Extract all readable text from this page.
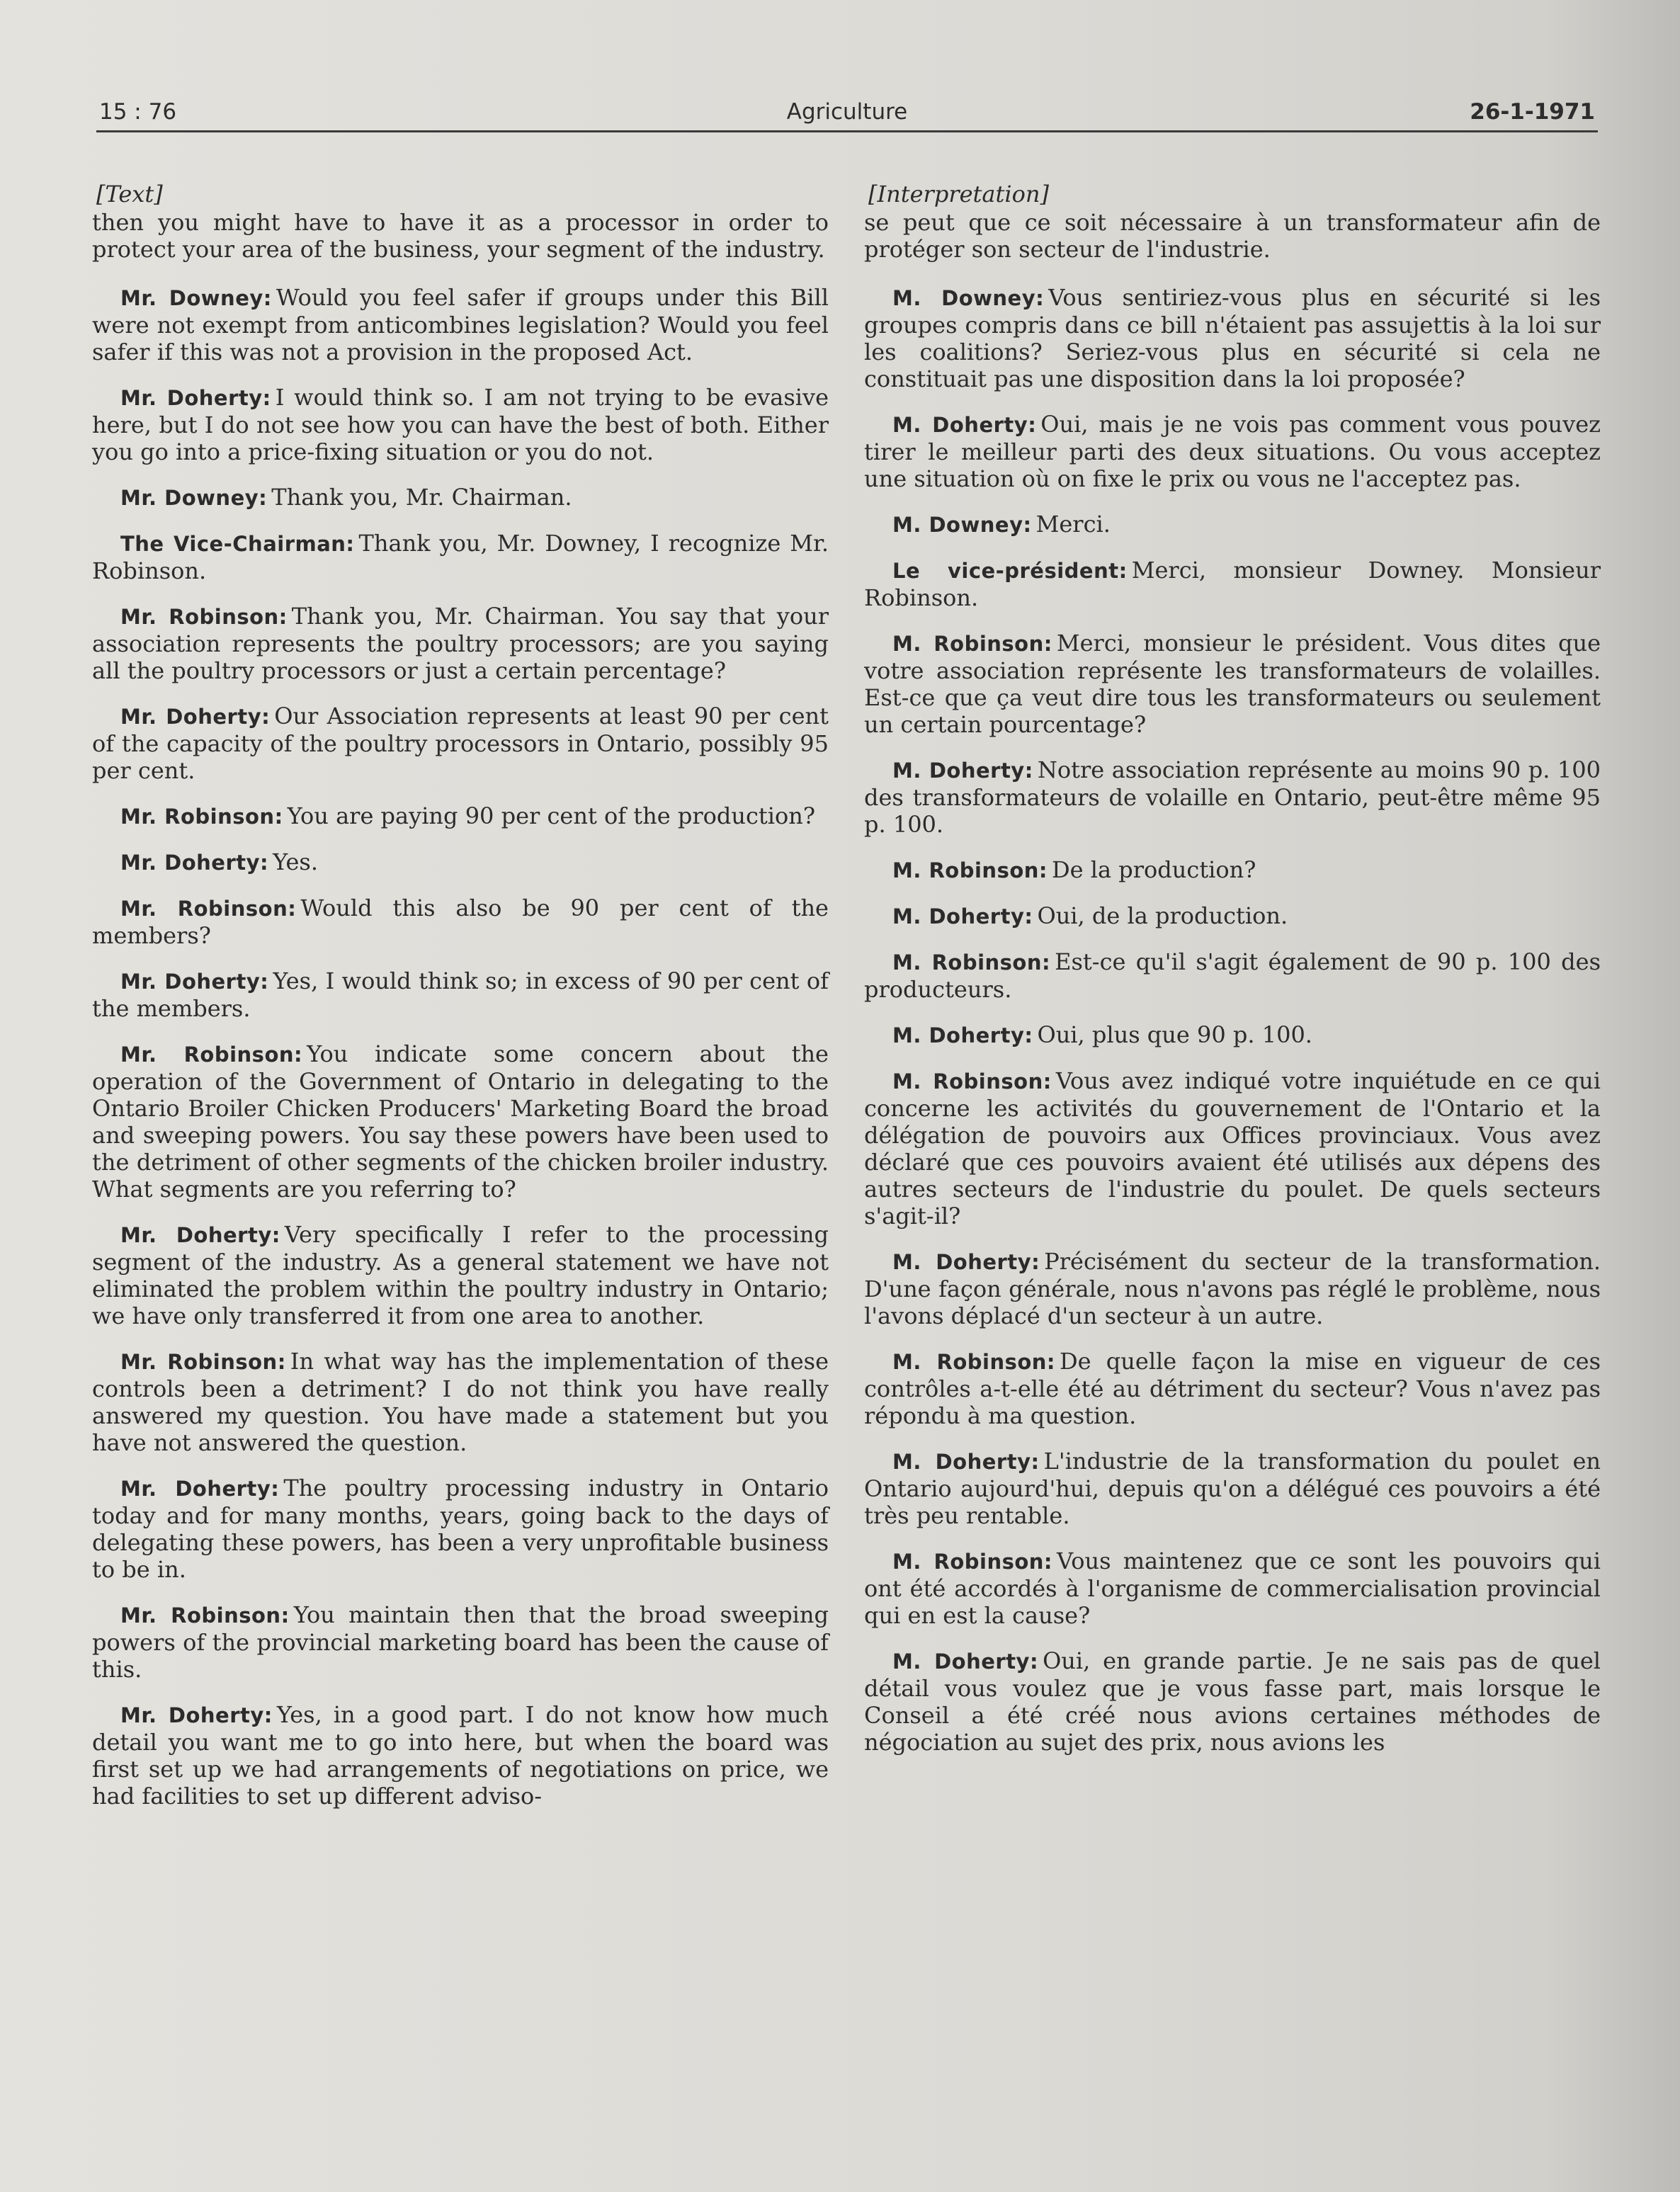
15 : 76	Agriculture	26-1-1971
[Text]

then you might have to have it as a processor in order to protect your area of the business, your segment of the industry.

Mr. Downey: Would you feel safer if groups under this Bill were not exempt from anticombines legislation? Would you feel safer if this was not a provision in the proposed Act.

Mr. Doherty: I would think so. I am not trying to be evasive here, but I do not see how you can have the best of both. Either you go into a price-fixing situation or you do not.

Mr. Downey: Thank you, Mr. Chairman.

The Vice-Chairman: Thank you, Mr. Downey, I recognize Mr. Robinson.

Mr. Robinson: Thank you, Mr. Chairman. You say that your association represents the poultry processors; are you saying all the poultry processors or just a certain percentage?

Mr. Doherty: Our Association represents at least 90 per cent of the capacity of the poultry processors in Ontario, possibly 95 per cent.

Mr. Robinson: You are paying 90 per cent of the production?

Mr. Doherty: Yes.

Mr. Robinson: Would this also be 90 per cent of the members?

Mr. Doherty: Yes, I would think so; in excess of 90 per cent of the members.

Mr. Robinson: You indicate some concern about the operation of the Government of Ontario in delegating to the Ontario Broiler Chicken Producers' Marketing Board the broad and sweeping powers. You say these powers have been used to the detriment of other segments of the chicken broiler industry. What segments are you referring to?

Mr. Doherty: Very specifically I refer to the processing segment of the industry. As a general statement we have not eliminated the problem within the poultry industry in Ontario; we have only transferred it from one area to another.

Mr. Robinson: In what way has the implementation of these controls been a detriment? I do not think you have really answered my question. You have made a statement but you have not answered the question.

Mr. Doherty: The poultry processing industry in Ontario today and for many months, years, going back to the days of delegating these powers, has been a very unprofitable business to be in.

Mr. Robinson: You maintain then that the broad sweeping powers of the provincial marketing board has been the cause of this.

Mr. Doherty: Yes, in a good part. I do not know how much detail you want me to go into here, but when the board was first set up we had arrangements of negotiations on price, we had facilities to set up different adviso-

[Interpretation]

se peut que ce soit nécessaire à un transformateur afin de protéger son secteur de l'industrie.

M. Downey: Vous sentiriez-vous plus en sécurité si les groupes compris dans ce bill n'étaient pas assujettis à la loi sur les coalitions? Seriez-vous plus en sécurité si cela ne constituait pas une disposition dans la loi proposée?

M. Doherty: Oui, mais je ne vois pas comment vous pouvez tirer le meilleur parti des deux situations. Ou vous acceptez une situation où on fixe le prix ou vous ne l'acceptez pas.

M. Downey: Merci.

Le vice-président: Merci, monsieur Downey. Monsieur Robinson.

M. Robinson: Merci, monsieur le président. Vous dites que votre association représente les transformateurs de volailles. Est-ce que ça veut dire tous les transformateurs ou seulement un certain pourcentage?

M. Doherty: Notre association représente au moins 90 p. 100 des transformateurs de volaille en Ontario, peut-être même 95 p. 100.

M. Robinson: De la production?

M. Doherty: Oui, de la production.

M. Robinson: Est-ce qu'il s'agit également de 90 p. 100 des producteurs.

M. Doherty: Oui, plus que 90 p. 100.

M. Robinson: Vous avez indiqué votre inquiétude en ce qui concerne les activités du gouvernement de l'Ontario et la délégation de pouvoirs aux Offices provinciaux. Vous avez déclaré que ces pouvoirs avaient été utilisés aux dépens des autres secteurs de l'industrie du poulet. De quels secteurs s'agit-il?

M. Doherty: Précisément du secteur de la transformation. D'une façon générale, nous n'avons pas réglé le problème, nous l'avons déplacé d'un secteur à un autre.

M. Robinson: De quelle façon la mise en vigueur de ces contrôles a-t-elle été au détriment du secteur? Vous n'avez pas répondu à ma question.

M. Doherty: L'industrie de la transformation du poulet en Ontario aujourd'hui, depuis qu'on a délégué ces pouvoirs a été très peu rentable.

M. Robinson: Vous maintenez que ce sont les pouvoirs qui ont été accordés à l'organisme de commercialisation provincial qui en est la cause?

M. Doherty: Oui, en grande partie. Je ne sais pas de quel détail vous voulez que je vous fasse part, mais lorsque le Conseil a été créé nous avions certaines méthodes de négociation au sujet des prix, nous avions les
